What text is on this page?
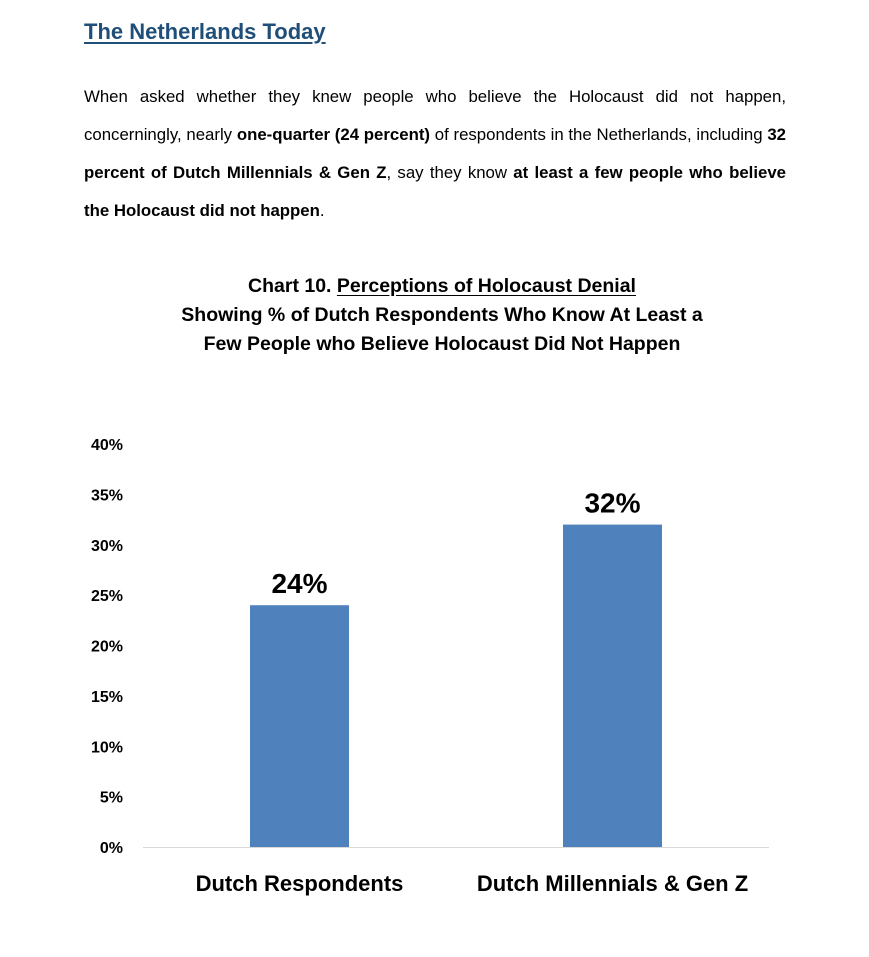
The Netherlands Today
When asked whether they knew people who believe the Holocaust did not happen, concerningly, nearly one-quarter (24 percent) of respondents in the Netherlands, including 32 percent of Dutch Millennials & Gen Z, say they know at least a few people who believe the Holocaust did not happen.
Chart 10. Perceptions of Holocaust Denial
Showing % of Dutch Respondents Who Know At Least a
Few People who Believe Holocaust Did Not Happen
0%
5%
10%
15%
20%
25%
30%
35%
40%
24%
Dutch Respondents
32%
Dutch Millennials & Gen Z
